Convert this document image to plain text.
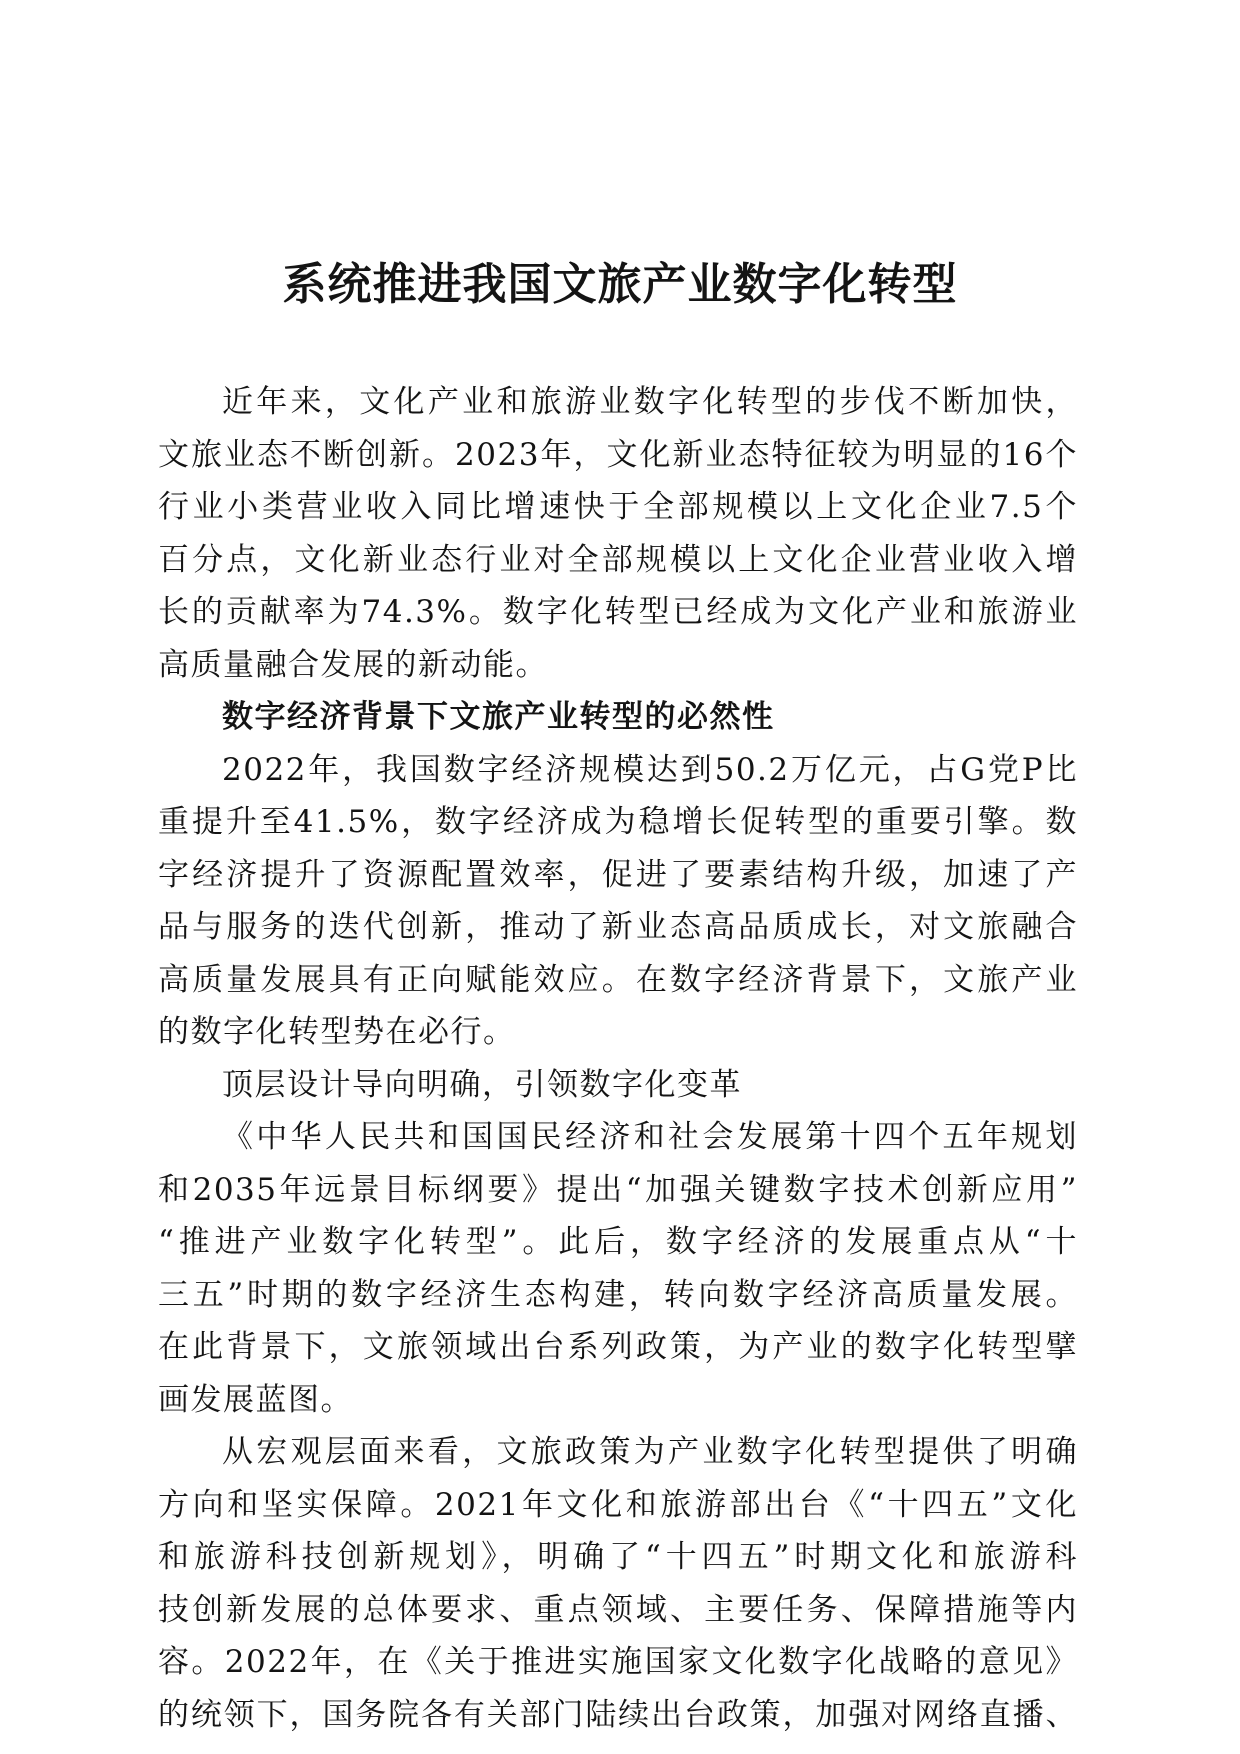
系统推进我国文旅产业数字化转型
近年来，文化产业和旅游业数字化转型的步伐不断加快，
文旅业态不断创新。2023年，文化新业态特征较为明显的16个
行业小类营业收入同比增速快于全部规模以上文化企业7.5个
百分点，文化新业态行业对全部规模以上文化企业营业收入增
长的贡献率为74.3%。数字化转型已经成为文化产业和旅游业
高质量融合发展的新动能。
数字经济背景下文旅产业转型的必然性
2022年，我国数字经济规模达到50.2万亿元，占G党P比
重提升至41.5%，数字经济成为稳增长促转型的重要引擎。数
字经济提升了资源配置效率，促进了要素结构升级，加速了产
品与服务的迭代创新，推动了新业态高品质成长，对文旅融合
高质量发展具有正向赋能效应。在数字经济背景下，文旅产业
的数字化转型势在必行。
顶层设计导向明确，引领数字化变革
《中华人民共和国国民经济和社会发展第十四个五年规划
和2035年远景目标纲要》提出“加强关键数字技术创新应用”
“推进产业数字化转型”。此后，数字经济的发展重点从“十
三五”时期的数字经济生态构建，转向数字经济高质量发展。
在此背景下，文旅领域出台系列政策，为产业的数字化转型擘
画发展蓝图。
从宏观层面来看，文旅政策为产业数字化转型提供了明确
方向和坚实保障。2021年文化和旅游部出台《“十四五”文化
和旅游科技创新规划》，明确了“十四五”时期文化和旅游科
技创新发展的总体要求、重点领域、主要任务、保障措施等内
容。2022年，在《关于推进实施国家文化数字化战略的意见》
的统领下，国务院各有关部门陆续出台政策，加强对网络直播、
